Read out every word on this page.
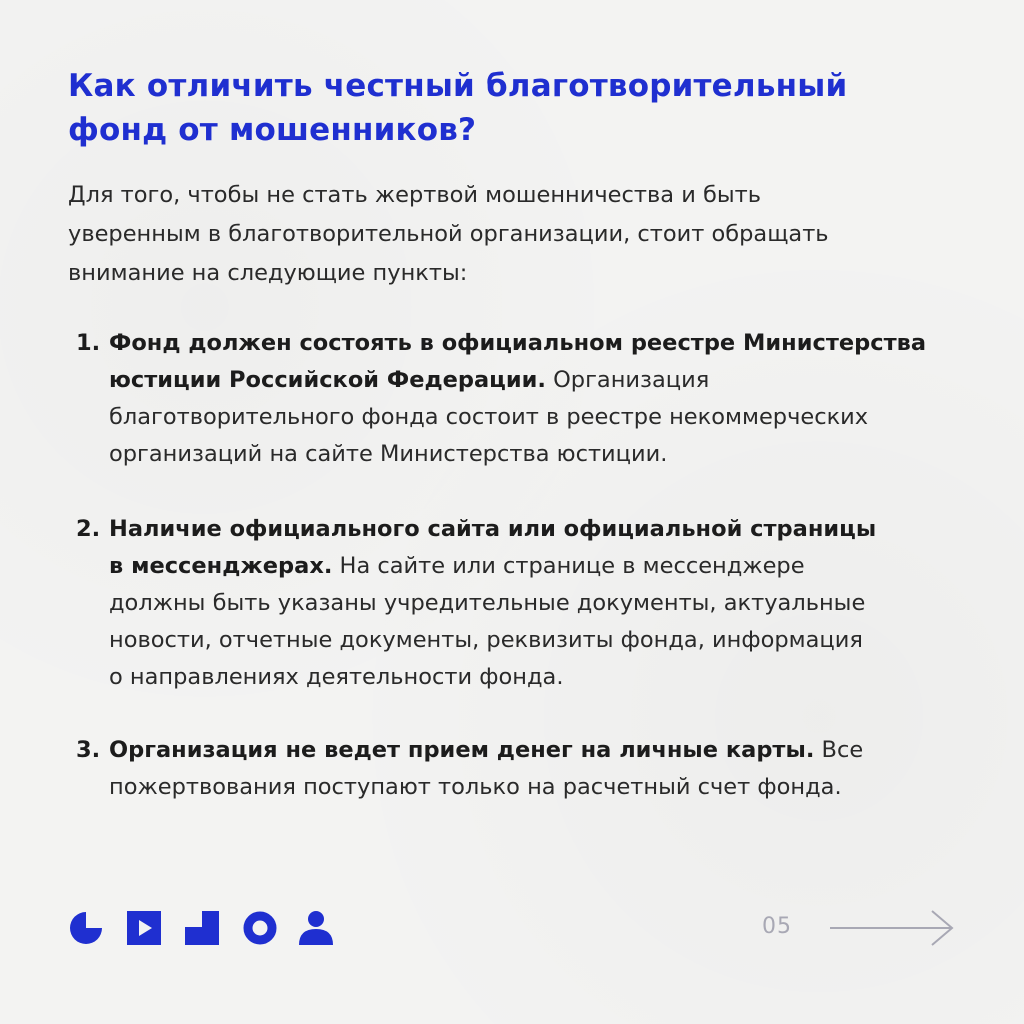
Как отличить честный благотворительный
фонд от мошенников?

Для того, чтобы не стать жертвой мошенничества и быть
уверенным в благотворительной организации, стоит обращать
внимание на следующие пункты:

1. Фонд должен состоять в официальном реестре Министерства
юстиции Российской Федерации. Организация
благотворительного фонда состоит в реестре некоммерческих
организаций на сайте Министерства юстиции.
2. Наличие официального сайта или официальной страницы
в мессенджерах. На сайте или странице в мессенджере
должны быть указаны учредительные документы, актуальные
новости, отчетные документы, реквизиты фонда, информация
о направлениях деятельности фонда.
3. Организация не ведет прием денег на личные карты. Все
пожертвования поступают только на расчетный счет фонда.
05
